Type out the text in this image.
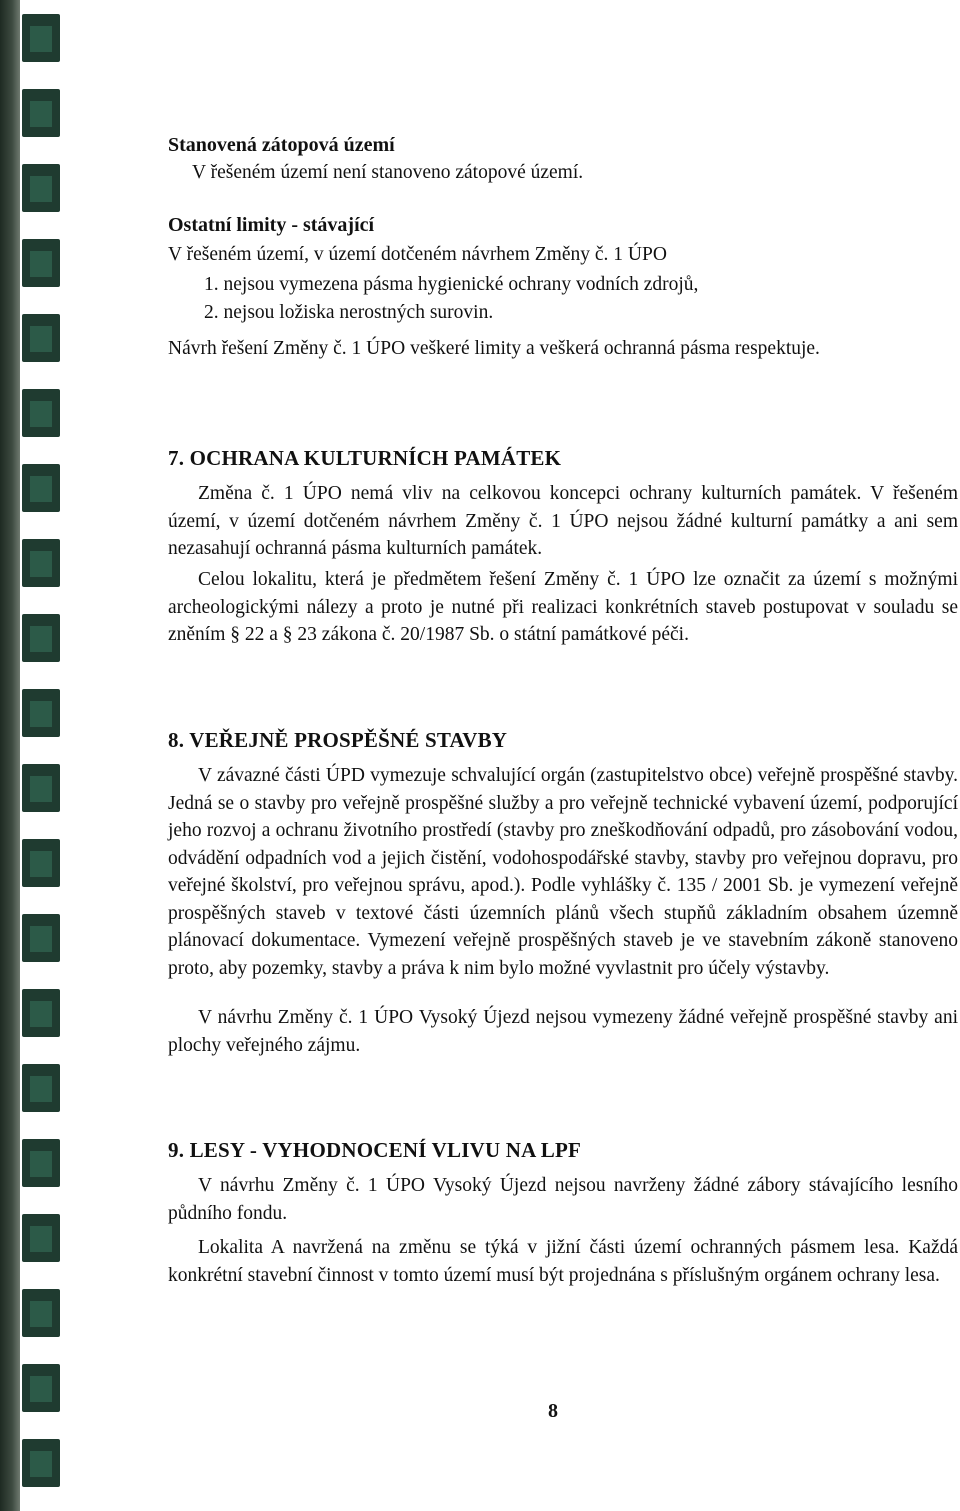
Stanovená zátopová území
V řešeném území není stanoveno zátopové území.
Ostatní limity - stávající
V řešeném území, v území dotčeném návrhem Změny č. 1 ÚPO
1. nejsou vymezena pásma hygienické ochrany vodních zdrojů,
2. nejsou ložiska nerostných surovin.
Návrh řešení Změny č. 1 ÚPO veškeré limity a veškerá ochranná pásma respektuje.
7. OCHRANA KULTURNÍCH PAMÁTEK
Změna č. 1 ÚPO nemá vliv na celkovou koncepci ochrany kulturních památek. V řešeném území, v území dotčeném návrhem Změny č. 1 ÚPO nejsou žádné kulturní památky a ani sem nezasahují ochranná pásma kulturních památek.
Celou lokalitu, která je předmětem řešení Změny č. 1 ÚPO lze označit za území s možnými archeologickými nálezy a proto je nutné při realizaci konkrétních staveb postupovat v souladu se zněním § 22 a § 23 zákona č. 20/1987 Sb. o státní památkové péči.
8. VEŘEJNĚ PROSPĚŠNÉ STAVBY
V závazné části ÚPD vymezuje schvalující orgán (zastupitelstvo obce) veřejně prospěšné stavby. Jedná se o stavby pro veřejně prospěšné služby a pro veřejně technické vybavení území, podporující jeho rozvoj a ochranu životního prostředí (stavby pro zneškodňování odpadů, pro zásobování vodou, odvádění odpadních vod a jejich čistění, vodohospodářské stavby, stavby pro veřejnou dopravu, pro veřejné školství, pro veřejnou správu, apod.). Podle vyhlášky č. 135 / 2001 Sb. je vymezení veřejně prospěšných staveb v textové části územních plánů všech stupňů základním obsahem územně plánovací dokumentace. Vymezení veřejně prospěšných staveb je ve stavebním zákoně stanoveno proto, aby pozemky, stavby a práva k nim bylo možné vyvlastnit pro účely výstavby.
V návrhu Změny č. 1 ÚPO Vysoký Újezd nejsou vymezeny žádné veřejně prospěšné stavby ani plochy veřejného zájmu.
9. LESY - VYHODNOCENÍ VLIVU NA LPF
V návrhu Změny č. 1 ÚPO Vysoký Újezd nejsou navrženy žádné zábory stávajícího lesního půdního fondu.
Lokalita A navržená na změnu se týká v jižní části území ochranných pásmem lesa. Každá konkrétní stavební činnost v tomto území musí být projednána s příslušným orgánem ochrany lesa.
8
